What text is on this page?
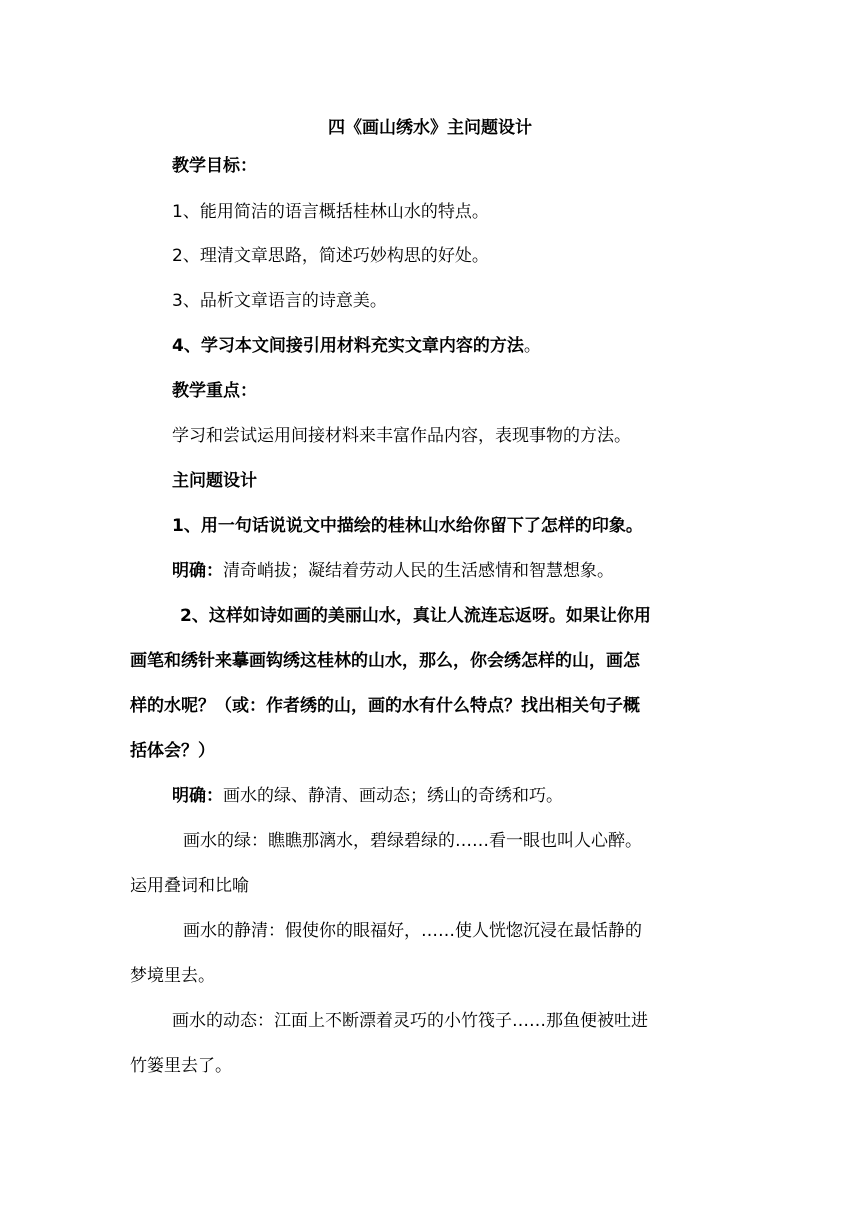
四《画山绣水》主问题设计
教学目标：
1、能用简洁的语言概括桂林山水的特点。
2、理清文章思路，简述巧妙构思的好处。
3、品析文章语言的诗意美。
4、学习本文间接引用材料充实文章内容的方法。
教学重点：
学习和尝试运用间接材料来丰富作品内容，表现事物的方法。
主问题设计
1、用一句话说说文中描绘的桂林山水给你留下了怎样的印象。
明确：清奇峭拔；凝结着劳动人民的生活感情和智慧想象。
2、这样如诗如画的美丽山水，真让人流连忘返呀。如果让你用
画笔和绣针来摹画钩绣这桂林的山水，那么，你会绣怎样的山，画怎
样的水呢？（或：作者绣的山，画的水有什么特点？找出相关句子概
括体会？）
明确：画水的绿、静清、画动态；绣山的奇绣和巧。
画水的绿：瞧瞧那漓水，碧绿碧绿的……看一眼也叫人心醉。
运用叠词和比喻
画水的静清：假使你的眼福好，……使人恍惚沉浸在最恬静的
梦境里去。
画水的动态：江面上不断漂着灵巧的小竹筏子……那鱼便被吐进
竹篓里去了。
